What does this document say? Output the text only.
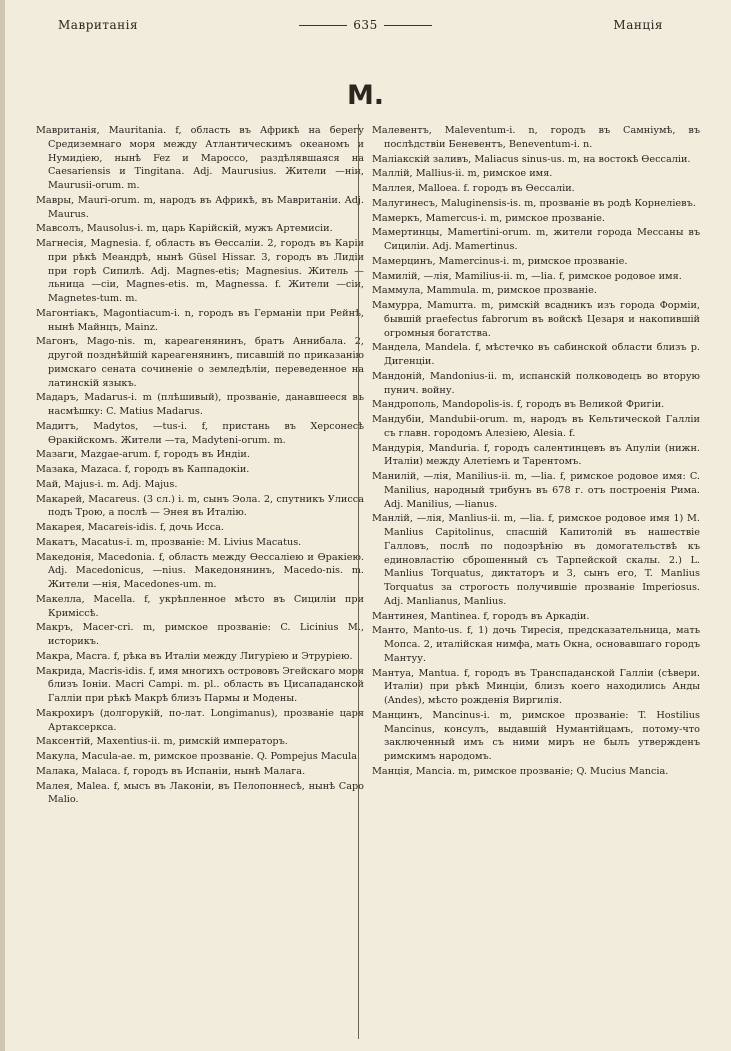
Мавританія	635	Манція
М.

Мавританія, Mauritania. f, область въ Африкѣ на берегу Средиземнаго моря между Атлантическимъ океаномъ и Нумидіею, нынѣ Fez и Мароссо, раздѣлявшаяся на Caesariensis и Tingitana. Adj. Maurusius. Жители —ніи, Maurusii-orum. m.

Мавры, Mauri-orum. m, народъ въ Африкѣ, въ Мавританіи. Adj. Maurus.

Мавсолъ, Mausolus-i. m, царь Карійскій, мужъ Артемисіи.

Магнесія, Magnesia. f, область въ Ѳессаліи. 2, городъ въ Каріи при рѣкѣ Меандрѣ, нынѣ Güsel Hissar. 3, городъ въ Лидіи при горѣ Сипилѣ. Adj. Magnes-etis; Magnesius. Житель —льница —сіи, Magnes-etis. m, Magnessa. f. Жители —сіи, Magnetes-tum. m.

Магонтіакъ, Magontiacum-i. n, городъ въ Германіи при Рейнѣ, нынѣ Майнцъ, Mainz.

Магонъ, Mago-nis. m, кареагенянинъ, братъ Аннибала. 2, другой позднѣйшій кареагенянинъ, писавшій по приказанію римскаго сената сочиненіе о земледѣліи, переведенное на латинскій языкъ.

Мадаръ, Madarus-i. m (плѣшивый), прозваніе, данавшееся въ насмѣшку: C. Matius Madarus.

Мадитъ, Madytos, —tus-i. f, пристань въ Херсонесѣ Ѳракійскомъ. Жители —та, Madyteni-orum. m.

Мазаги, Mazgae-arum. f, городъ въ Индіи.

Мазака, Mazaca. f, городъ въ Каппадокіи.

Май, Majus-i. m. Adj. Majus.

Макарей, Macareus. (3 сл.) i. m, сынъ Эола. 2, спутникъ Улисса подъ Трою, а послѣ — Энея въ Италію.

Макарея, Macareis-idis. f, дочь Исса.

Макатъ, Macatus-i. m, прозваніе: M. Livius Macatus.

Македонія, Macedonia. f, область между Ѳессаліею и Ѳракіею. Adj. Macedonicus, —nius. Македонянинъ, Macedo-nis. m. Жители —нія, Macedones-um. m.

Макелла, Macella. f, укрѣпленное мѣсто въ Сициліи при Криміссѣ.

Макръ, Macer-cri. m, римское прозваніе: C. Licinius M., историкъ.

Макра, Macra. f, рѣка въ Италіи между Лигуріею и Этруріею.

Макрида, Macris-idis. f, имя многихъ острововъ Эгейскаго моря близъ Іоніи. Macri Campi. m. pl.. область въ Цисападанской Галліи при рѣкѣ Макрѣ близъ Пармы и Модены.

Макрохиръ (долгорукій, по-лат. Longimanus), прозваніе царя Артаксеркса.

Максентій, Maxentius-ii. m, римскій императоръ.

Макула, Macula-ae. m, римское прозваніе. Q. Pompejus Macula.

Малака, Malaca. f, городъ въ Испаніи, нынѣ Малага.

Малея, Malea. f, мысъ въ Лаконіи, въ Пелопоннесѣ, нынѣ Capo Malio.

Малевентъ, Maleventum-i. n, городъ въ Самніумѣ, въ послѣдствіи Беневентъ, Beneventum-i. n.

Маліакскій заливъ, Maliacus sinus-us. m, на востокѣ Ѳессаліи.

Маллій, Mallius-ii. m, римское имя.

Маллея, Malloea. f. городъ въ Ѳессаліи.

Малугинесъ, Maluginensis-is. m, прозваніе въ родѣ Корнеліевъ.

Мамеркъ, Mamercus-i. m, римское прозваніе.

Мамертинцы, Mamertini-orum. m, жители города Мессаны въ Сициліи. Adj. Mamertinus.

Мамерцинъ, Mamercinus-i. m, римское прозваніе.

Мамилій, —лія, Mamilius-ii. m, —lia. f, римское родовое имя.

Маммула, Mammula. m, римское прозваніе.

Мамурра, Mamurra. m, римскій всадникъ изъ города Форміи, бывшій praefectus fabrorum въ войскѣ Цезаря и накопившій огромныя богатства.

Мандела, Mandela. f, мѣстечко въ сабинской области близъ р. Дигенціи.

Мандоній, Mandonius-ii. m, испанскій полководецъ во вторую пунич. войну.

Мандрополь, Mandopolis-is. f, городъ въ Великой Фригіи.

Мандубіи, Mandubii-orum. m, народъ въ Кельтической Галліи съ главн. городомъ Алезіею, Alesia. f.

Мандурія, Manduria. f, городъ салентинцевъ въ Апуліи (нижн. Италіи) между Алетіемъ и Тарентомъ.

Манилій, —лія, Manilius-ii. m, —lia. f, римское родовое имя: C. Manilius, народный трибунъ въ 678 г. отъ построенія Рима. Adj. Manilius, —lianus.

Манлій, —лія, Manlius-ii. m, —lia. f, римское родовое имя 1) M. Manlius Capitolinus, спасшій Капитолій въ нашествіе Галловъ, послѣ по подозрѣнію въ домогательствѣ къ единовластію сброшенный съ Тарпейской скалы. 2.) L. Manlius Torquatus, диктаторъ и 3, сынъ его, T. Manlius Torquatus за строгость получившіе прозваніе Imperiosus. Adj. Manlianus, Manlius.

Мантинея, Mantinea. f, городъ въ Аркадіи.

Манто, Manto-us. f, 1) дочь Тиресія, предсказательница, мать Мопса. 2, италійская нимфа, мать Окна, основавшаго городъ Мантуу.

Мантуа, Mantua. f, городъ въ Транспаданской Галліи (сѣвери. Италіи) при рѣкѣ Минціи, близъ коего находились Анды (Andes), мѣсто рожденія Виргилія.

Манцинъ, Mancinus-i. m, римское прозваніе: T. Hostilius Mancinus, консулъ, выдавшій Нумантійцамъ, потому-что заключенный имъ съ ними миръ не былъ утвержденъ римскимъ народомъ.

Манція, Mancia. m, римское прозваніе; Q. Mucius Mancia.
